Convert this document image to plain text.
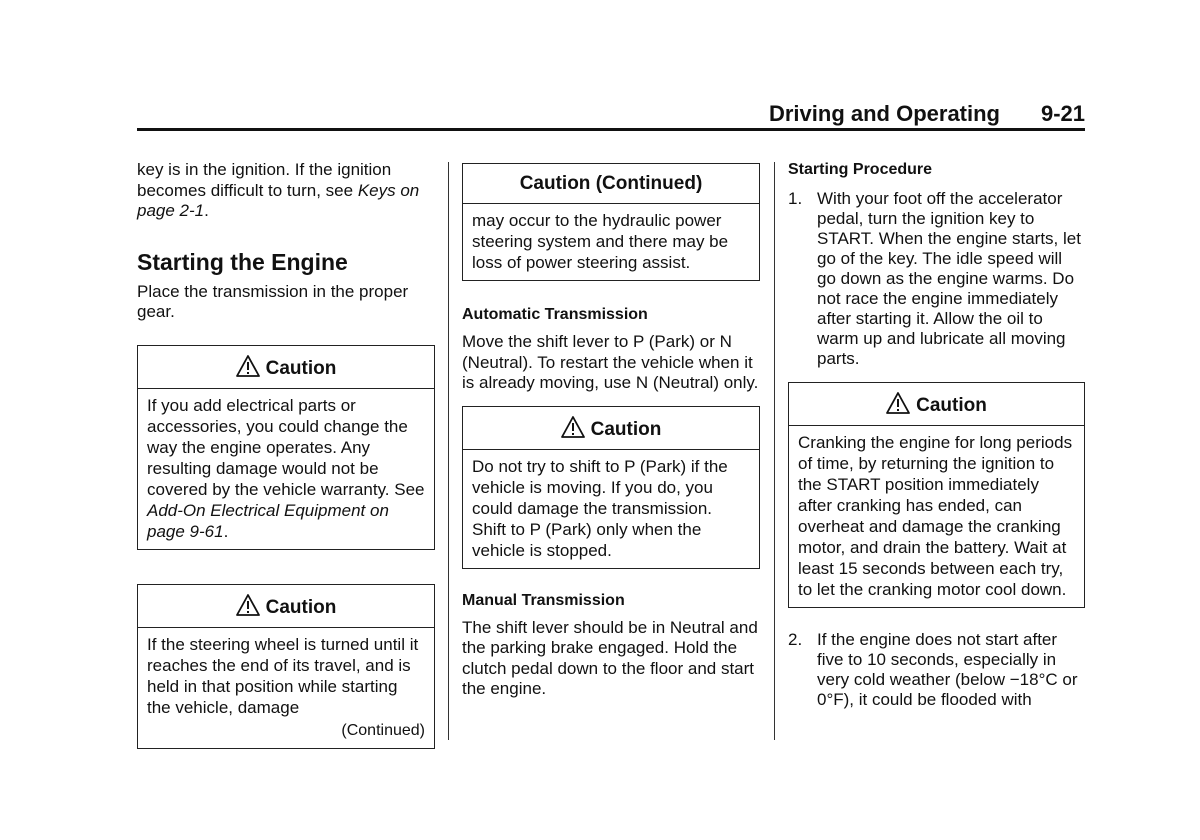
Driving and Operating 9-21

key is in the ignition. If the ignition becomes difficult to turn, see Keys on page 2-1.

Starting the Engine

Place the transmission in the proper gear.

Caution

If you add electrical parts or accessories, you could change the way the engine operates. Any resulting damage would not be covered by the vehicle warranty. See Add-On Electrical Equipment on page 9-61.

Caution

If the steering wheel is turned until it reaches the end of its travel, and is held in that position while starting the vehicle, damage

(Continued)
Caution (Continued)

may occur to the hydraulic power steering system and there may be loss of power steering assist.

Automatic Transmission

Move the shift lever to P (Park) or N (Neutral). To restart the vehicle when it is already moving, use N (Neutral) only.

Caution

Do not try to shift to P (Park) if the vehicle is moving. If you do, you could damage the transmission. Shift to P (Park) only when the vehicle is stopped.

Manual Transmission

The shift lever should be in Neutral and the parking brake engaged. Hold the clutch pedal down to the floor and start the engine.

Starting Procedure
1. With your foot off the accelerator pedal, turn the ignition key to START. When the engine starts, let go of the key. The idle speed will go down as the engine warms. Do not race the engine immediately after starting it. Allow the oil to warm up and lubricate all moving parts.
Caution

Cranking the engine for long periods of time, by returning the ignition to the START position immediately after cranking has ended, can overheat and damage the cranking motor, and drain the battery. Wait at least 15 seconds between each try, to let the cranking motor cool down.

2. If the engine does not start after five to 10 seconds, especially in very cold weather (below −18°C or 0°F), it could be flooded with
